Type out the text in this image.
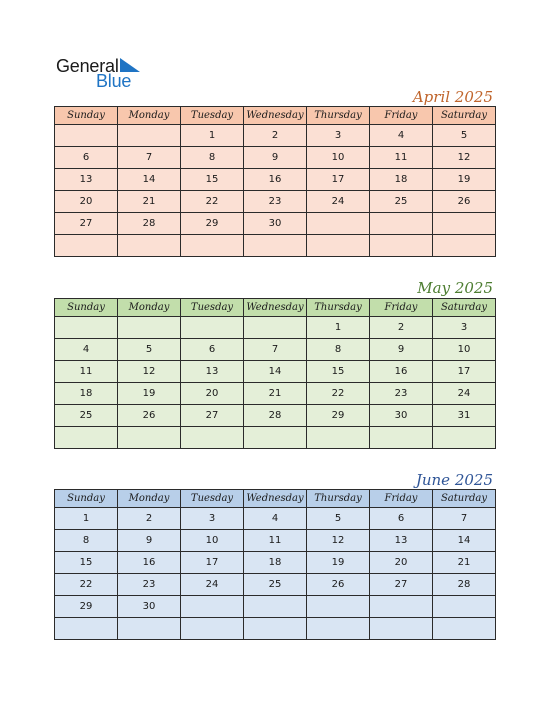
General
Blue
April 2025
Sunday	Monday	Tuesday	Wednesday	Thursday	Friday	Saturday
		1	2	3	4	5
6	7	8	9	10	11	12
13	14	15	16	17	18	19
20	21	22	23	24	25	26
27	28	29	30			

May 2025
Sunday	Monday	Tuesday	Wednesday	Thursday	Friday	Saturday
				1	2	3
4	5	6	7	8	9	10
11	12	13	14	15	16	17
18	19	20	21	22	23	24
25	26	27	28	29	30	31

June 2025
Sunday	Monday	Tuesday	Wednesday	Thursday	Friday	Saturday
1	2	3	4	5	6	7
8	9	10	11	12	13	14
15	16	17	18	19	20	21
22	23	24	25	26	27	28
29	30					
